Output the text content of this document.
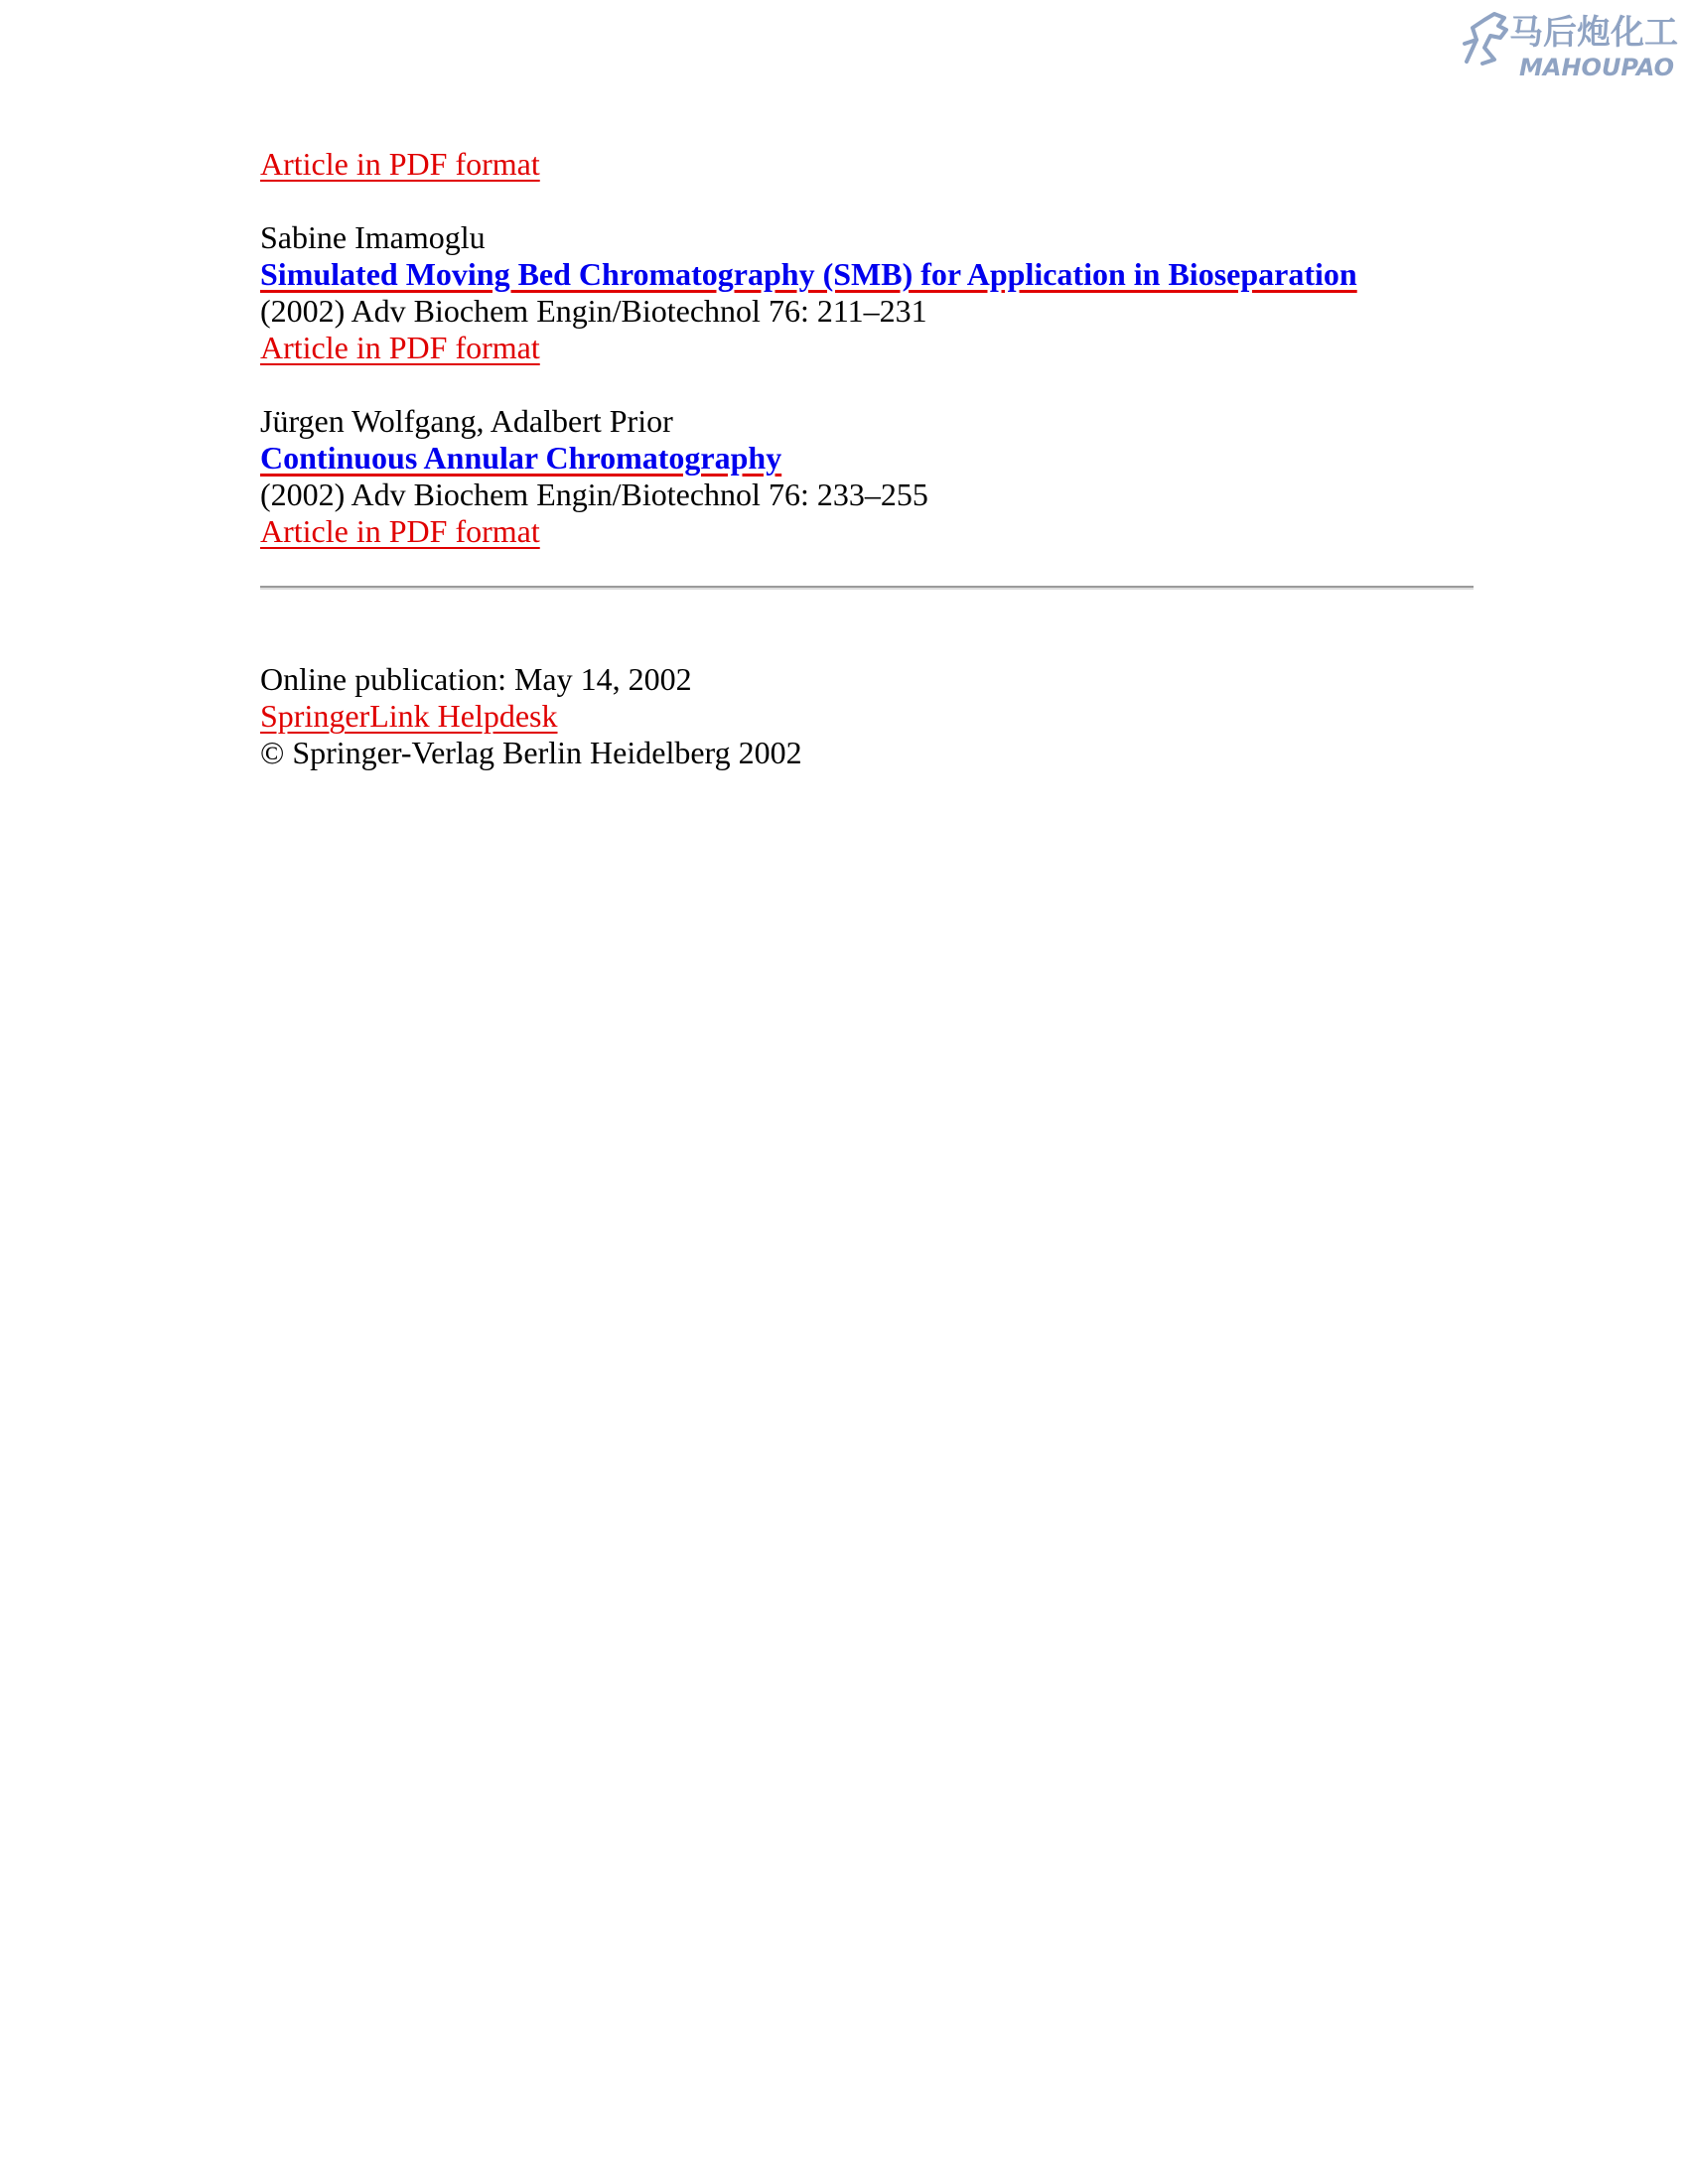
马后炮化工
MAHOUPAO
Article in PDF format
Sabine Imamoglu
Simulated Moving Bed Chromatography (SMB) for Application in Bioseparation
(2002) Adv Biochem Engin/Biotechnol 76: 211–231
Article in PDF format
Jürgen Wolfgang, Adalbert Prior
Continuous Annular Chromatography
(2002) Adv Biochem Engin/Biotechnol 76: 233–255
Article in PDF format
Online publication: May 14, 2002
SpringerLink Helpdesk
© Springer-Verlag Berlin Heidelberg 2002
